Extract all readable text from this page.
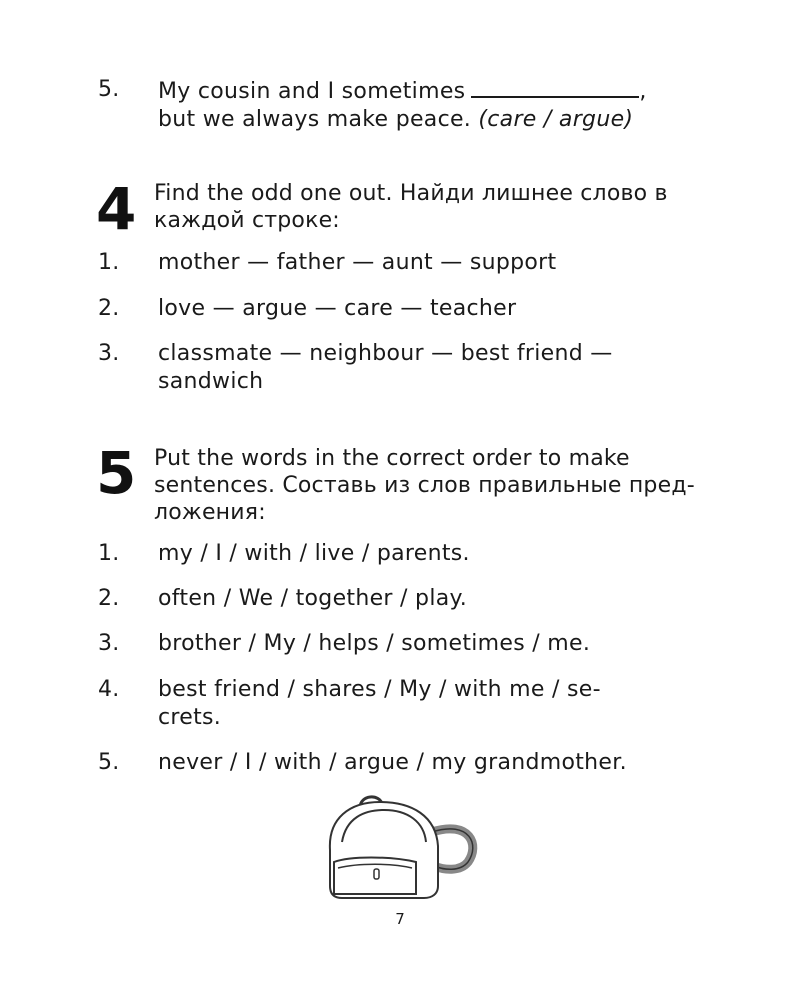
5.	My cousin and I sometimes	,
but we always make peace. (care / argue)
4 Find the odd one out. Найди лишнее слово в
каждой строке:
1.	mother — father — aunt — support
2.	love — argue — care — teacher
3.	classmate — neighbour — best friend —
sandwich
5 Put the words in the correct order to make
sentences. Составь из слов правильные пред-
ложения:
1.	my / I / with / live / parents.
2.	often / We / together / play.
3.	brother / My / helps / sometimes / me.
4.	best friend / shares / My / with me / se-
crets.
5.	never / I / with / argue / my grandmother.
7
